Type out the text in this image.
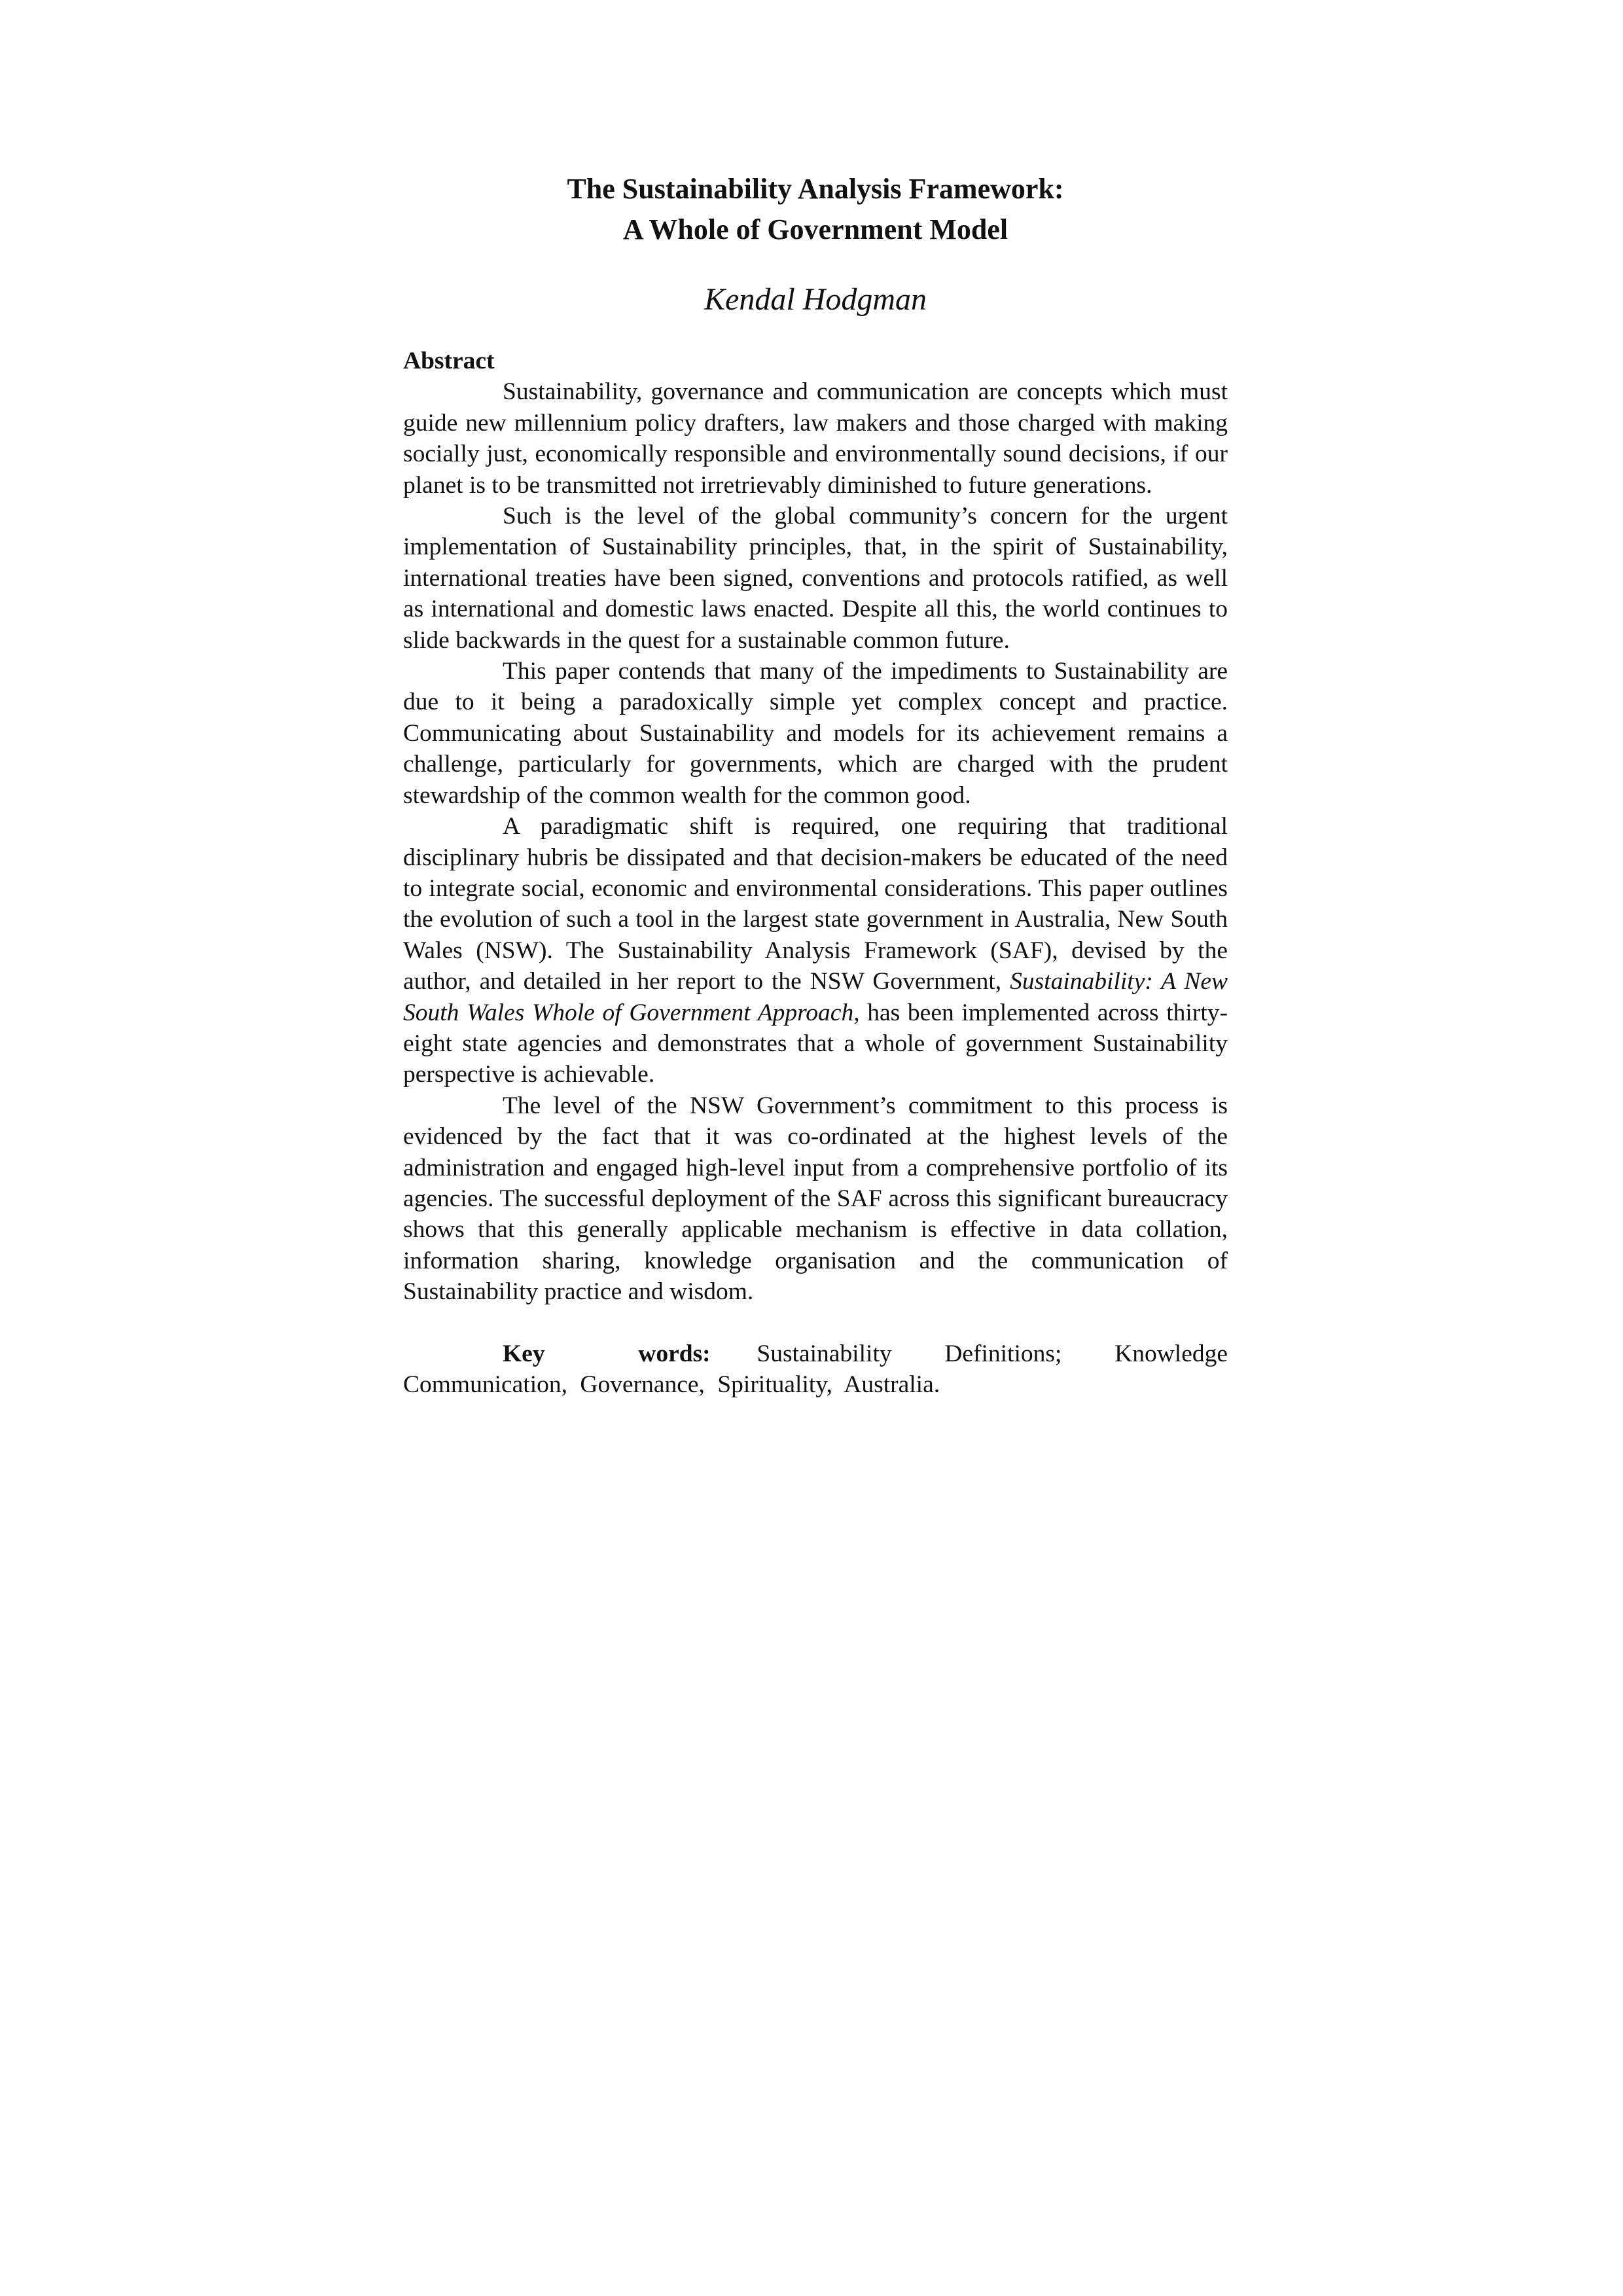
The Sustainability Analysis Framework:
A Whole of Government Model
Kendal Hodgman

Abstract

Sustainability, governance and communication are concepts which must guide new millennium policy drafters, law makers and those charged with making socially just, economically responsible and environmentally sound decisions, if our planet is to be transmitted not irretrievably diminished to future generations.

Such is the level of the global community’s concern for the urgent implementation of Sustainability principles, that, in the spirit of Sustainability, international treaties have been signed, conventions and protocols ratified, as well as international and domestic laws enacted. Despite all this, the world continues to slide backwards in the quest for a sustainable common future.

This paper contends that many of the impediments to Sustainability are due to it being a paradoxically simple yet complex concept and practice. Communicating about Sustainability and models for its achievement remains a challenge, particularly for governments, which are charged with the prudent stewardship of the common wealth for the common good.

A paradigmatic shift is required, one requiring that traditional disciplinary hubris be dissipated and that decision-makers be educated of the need to integrate social, economic and environmental considerations. This paper outlines the evolution of such a tool in the largest state government in Australia, New South Wales (NSW). The Sustainability Analysis Framework (SAF), devised by the author, and detailed in her report to the NSW Government, Sustainability: A New South Wales Whole of Government Approach, has been implemented across thirty-eight state agencies and demonstrates that a whole of government Sustainability perspective is achievable.

The level of the NSW Government’s commitment to this process is evidenced by the fact that it was co-ordinated at the highest levels of the administration and engaged high-level input from a comprehensive portfolio of its agencies. The successful deployment of the SAF across this significant bureaucracy shows that this generally applicable mechanism is effective in data collation, information sharing, knowledge organisation and the communication of Sustainability practice and wisdom.

Key words: Sustainability Definitions; Knowledge Communication, Governance, Spirituality, Australia.
